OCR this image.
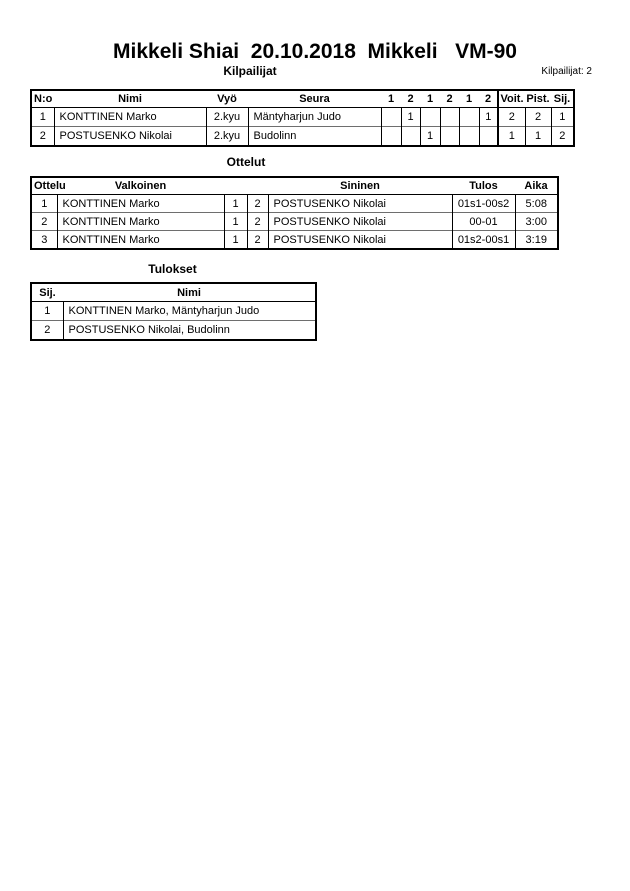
Mikkeli Shiai  20.10.2018  Mikkeli   VM-90
Kilpailijat	Kilpailijat: 2
N:o	Nimi	Vyö	Seura	1	2	1	2	1	2	Voit.	Pist.	Sij.
1	KONTTINEN Marko	2.kyu	Mäntyharjun Judo		1				1	2	2	1
2	POSTUSENKO Nikolai	2.kyu	Budolinn			1				1	1	2
Ottelut
Ottelu	Valkoinen			Sininen	Tulos	Aika
1	KONTTINEN Marko	1	2	POSTUSENKO Nikolai	01s1-00s2	5:08
2	KONTTINEN Marko	1	2	POSTUSENKO Nikolai	00-01	3:00
3	KONTTINEN Marko	1	2	POSTUSENKO Nikolai	01s2-00s1	3:19
Tulokset
Sij.	Nimi
1	KONTTINEN Marko, Mäntyharjun Judo
2	POSTUSENKO Nikolai, Budolinn
